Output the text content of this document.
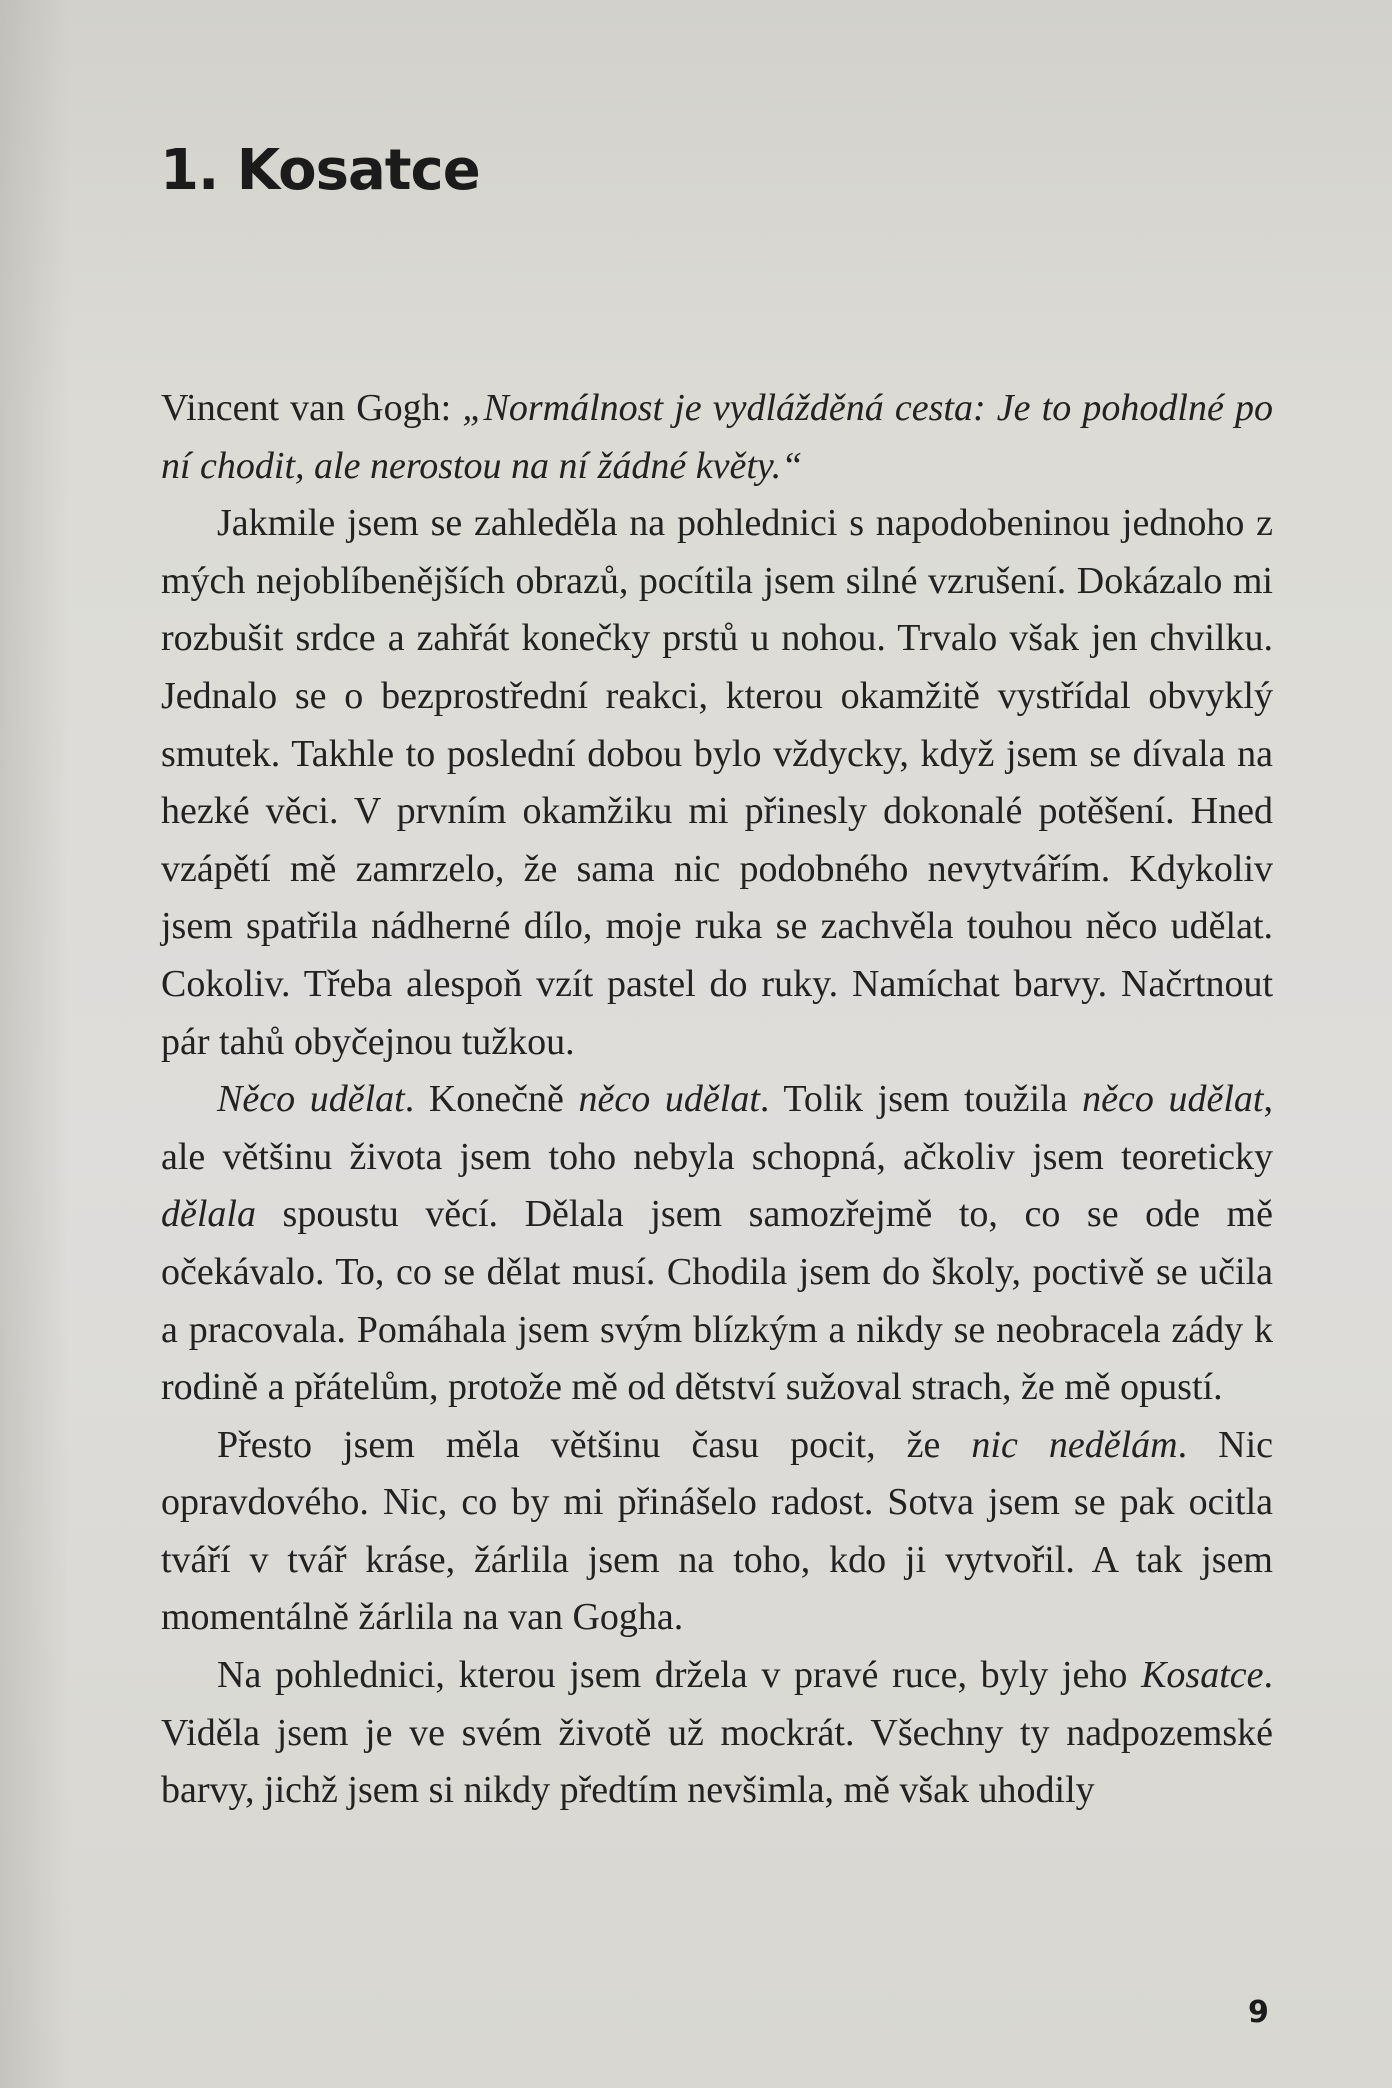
1. Kosatce

Vincent van Gogh: „Normálnost je vydlážděná cesta: Je to pohodlné po ní chodit, ale nerostou na ní žádné květy.“

Jakmile jsem se zahleděla na pohlednici s napodobeninou jednoho z mých nejoblíbenějších obrazů, pocítila jsem silné vzrušení. Dokázalo mi rozbušit srdce a zahřát konečky prstů u nohou. Trvalo však jen chvilku. Jednalo se o bezprostřední reakci, kterou okamžitě vystřídal obvyklý smutek. Takhle to poslední dobou bylo vždycky, když jsem se dívala na hezké věci. V prvním okamžiku mi přinesly dokonalé potěšení. Hned vzápětí mě zamrzelo, že sama nic podobného nevytvářím. Kdykoliv jsem spatřila nádherné dílo, moje ruka se zachvěla touhou něco udělat. Cokoliv. Třeba alespoň vzít pastel do ruky. Namíchat barvy. Načrtnout pár tahů obyčejnou tužkou.

Něco udělat. Konečně něco udělat. Tolik jsem toužila něco udělat, ale většinu života jsem toho nebyla schopná, ačkoliv jsem teoreticky dělala spoustu věcí. Dělala jsem samozřejmě to, co se ode mě očekávalo. To, co se dělat musí. Chodila jsem do školy, poctivě se učila a pracovala. Pomáhala jsem svým blízkým a nikdy se neobracela zády k rodině a přátelům, protože mě od dětství sužoval strach, že mě opustí.

Přesto jsem měla většinu času pocit, že nic nedělám. Nic opravdového. Nic, co by mi přinášelo radost. Sotva jsem se pak ocitla tváří v tvář kráse, žárlila jsem na toho, kdo ji vytvořil. A tak jsem momentálně žárlila na van Gogha.

Na pohlednici, kterou jsem držela v pravé ruce, byly jeho Kosatce. Viděla jsem je ve svém životě už mockrát. Všechny ty nadpozemské barvy, jichž jsem si nikdy předtím nevšimla, mě však uhodily

9
